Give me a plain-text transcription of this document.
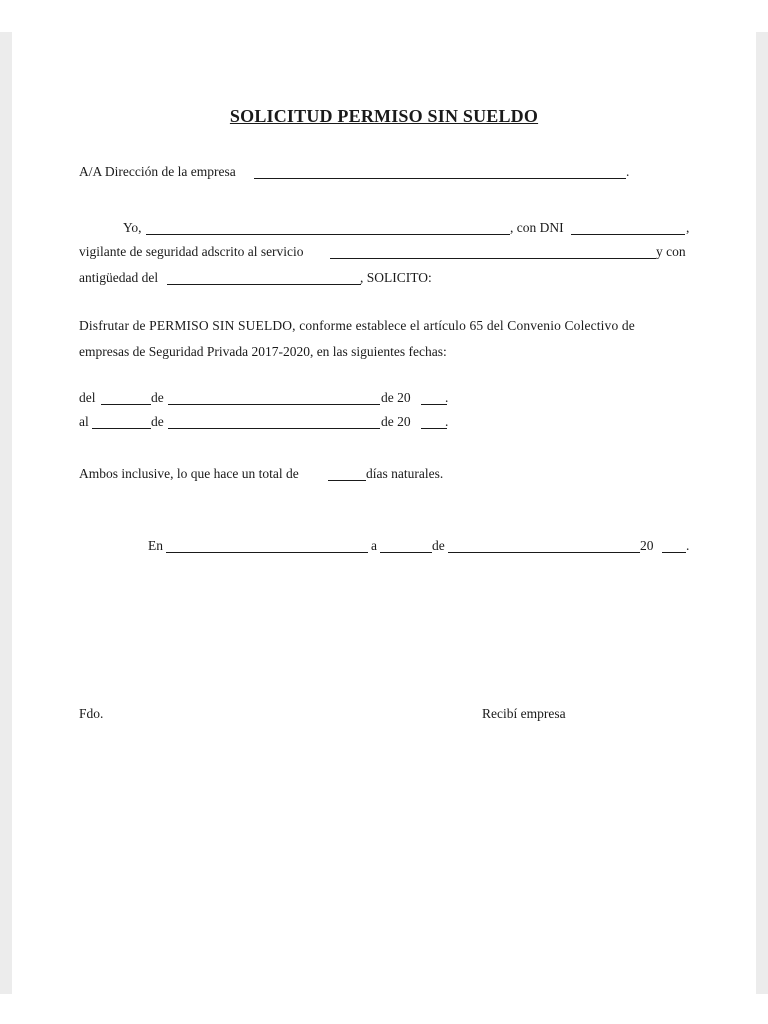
SOLICITUD PERMISO SIN SUELDO
A/A Dirección de la empresa	.
Yo,	, con DNI	,
vigilante de seguridad adscrito al servicio	y con
antigüedad del	, SOLICITO:
Disfrutar de PERMISO SIN SUELDO, conforme establece el artículo 65 del Convenio Colectivo de
empresas de Seguridad Privada 2017-2020, en las siguientes fechas:
del	de	de 20	.
al	de	de 20	.
Ambos inclusive, lo que hace un total de	días naturales.
En	a	de	20 .
Fdo.	Recibí empresa
